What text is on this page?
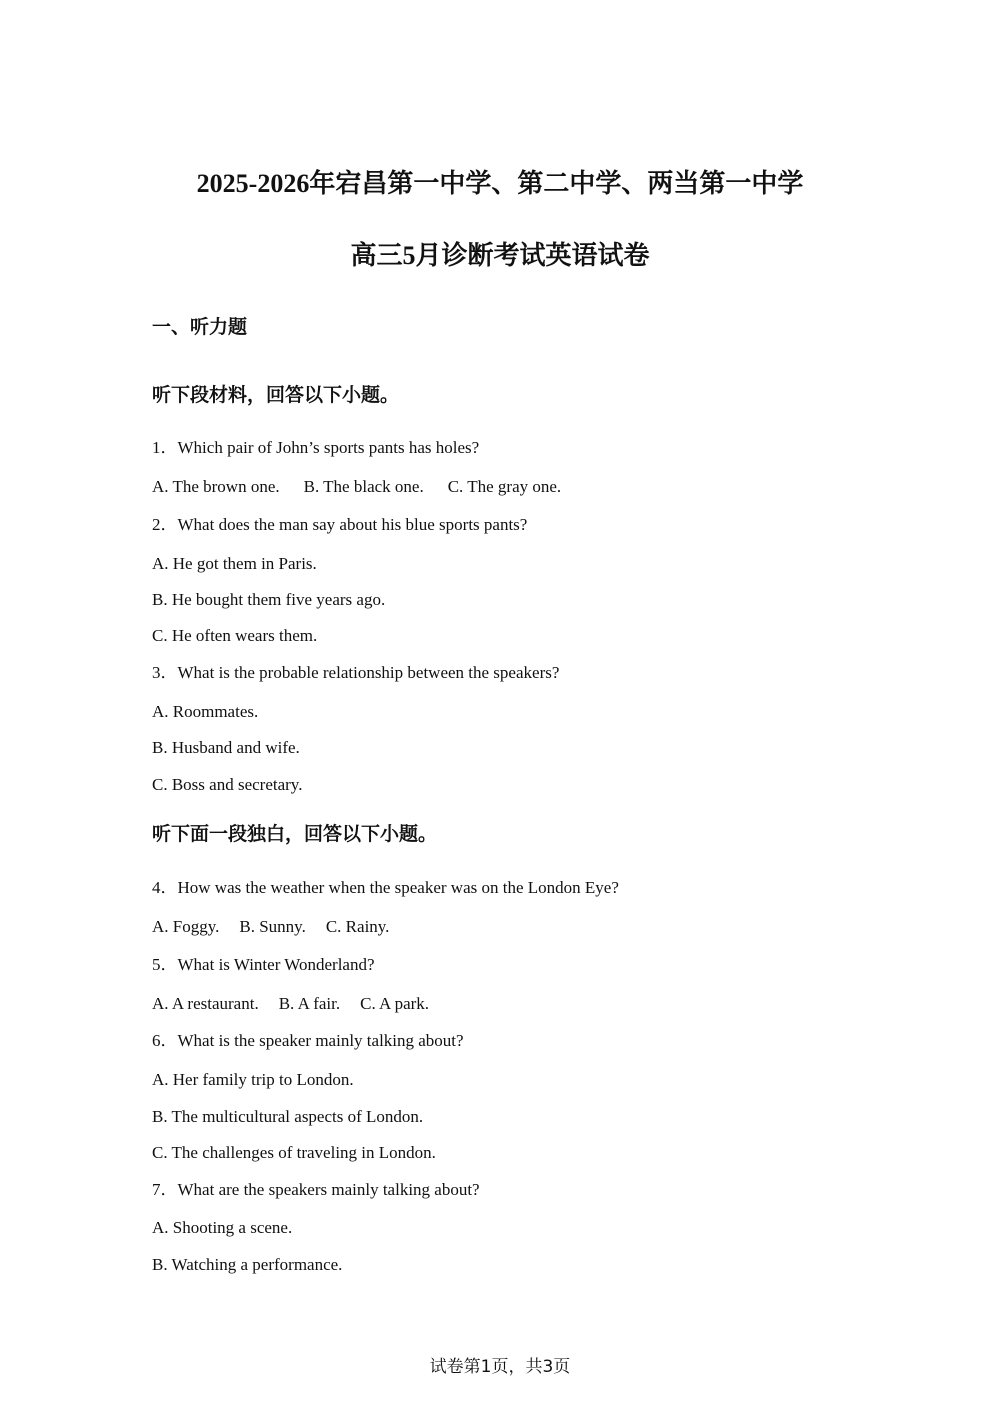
2025-2026年宕昌第一中学、第二中学、两当第一中学
高三5月诊断考试英语试卷
一、听力题
听下段材料，回答以下小题。
1．Which pair of John’s sports pants has holes?
A. The brown one. B. The black one. C. The gray one.
2．What does the man say about his blue sports pants?
A. He got them in Paris.
B. He bought them five years ago.
C. He often wears them.
3．What is the probable relationship between the speakers?
A. Roommates.
B. Husband and wife.
C. Boss and secretary.
听下面一段独白，回答以下小题。
4．How was the weather when the speaker was on the London Eye?
A. Foggy. B. Sunny. C. Rainy.
5．What is Winter Wonderland?
A. A restaurant. B. A fair. C. A park.
6．What is the speaker mainly talking about?
A. Her family trip to London.
B. The multicultural aspects of London.
C. The challenges of traveling in London.
7．What are the speakers mainly talking about?
A. Shooting a scene.
B. Watching a performance.
试卷第1页，共3页
